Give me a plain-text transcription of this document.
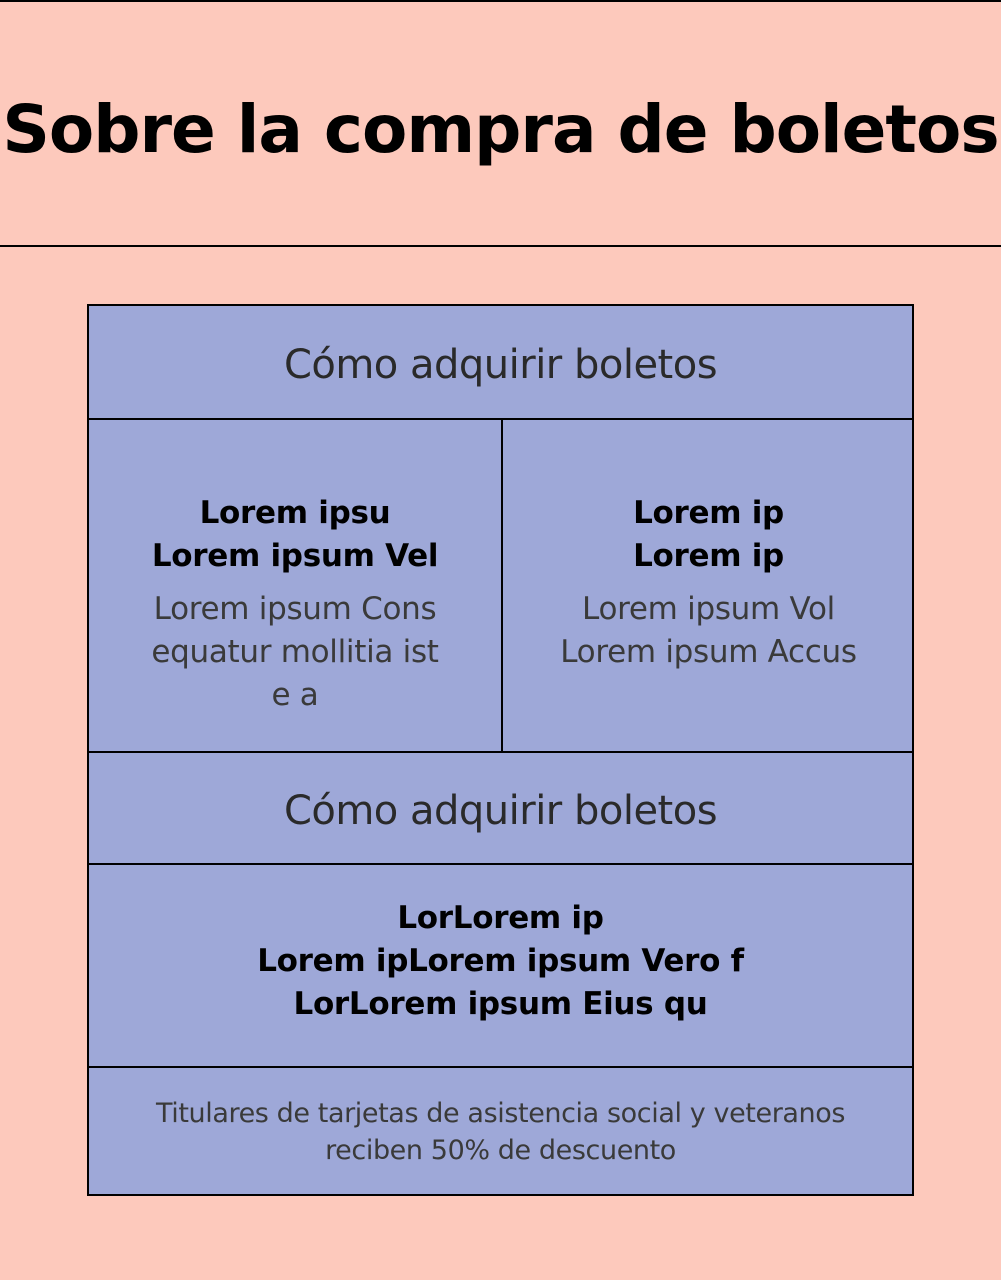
Sobre la compra de boletos
Cómo adquirir boletos
Lorem ipsu
Lorem ipsum Vel
Lorem ipsum Cons
equatur mollitia ist
e a
Lorem ip
Lorem ip
Lorem ipsum Vol
Lorem ipsum Accus
Cómo adquirir boletos
LorLorem ip
Lorem ipLorem ipsum Vero f
LorLorem ipsum Eius qu
Titulares de tarjetas de asistencia social y veteranos
reciben 50% de descuento
